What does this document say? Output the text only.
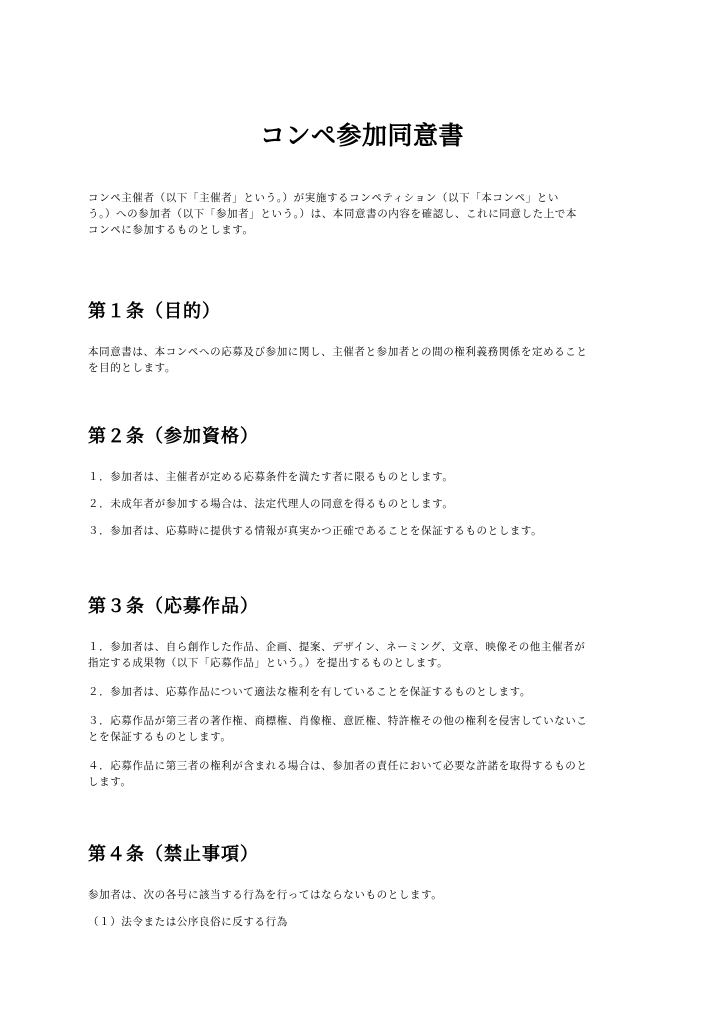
コンペ参加同意書

コンペ主催者（以下「主催者」という。）が実施するコンペティション（以下「本コンペ」とい
う。）への参加者（以下「参加者」という。）は、本同意書の内容を確認し、これに同意した上で本
コンペに参加するものとします。

第１条（目的）

本同意書は、本コンペへの応募及び参加に関し、主催者と参加者との間の権利義務関係を定めること
を目的とします。

第２条（参加資格）

１．参加者は、主催者が定める応募条件を満たす者に限るものとします。

２．未成年者が参加する場合は、法定代理人の同意を得るものとします。

３．参加者は、応募時に提供する情報が真実かつ正確であることを保証するものとします。

第３条（応募作品）

１．参加者は、自ら創作した作品、企画、提案、デザイン、ネーミング、文章、映像その他主催者が
指定する成果物（以下「応募作品」という。）を提出するものとします。

２．参加者は、応募作品について適法な権利を有していることを保証するものとします。

３．応募作品が第三者の著作権、商標権、肖像権、意匠権、特許権その他の権利を侵害していないこ
とを保証するものとします。

４．応募作品に第三者の権利が含まれる場合は、参加者の責任において必要な許諾を取得するものと
します。

第４条（禁止事項）

参加者は、次の各号に該当する行為を行ってはならないものとします。

（１）法令または公序良俗に反する行為
